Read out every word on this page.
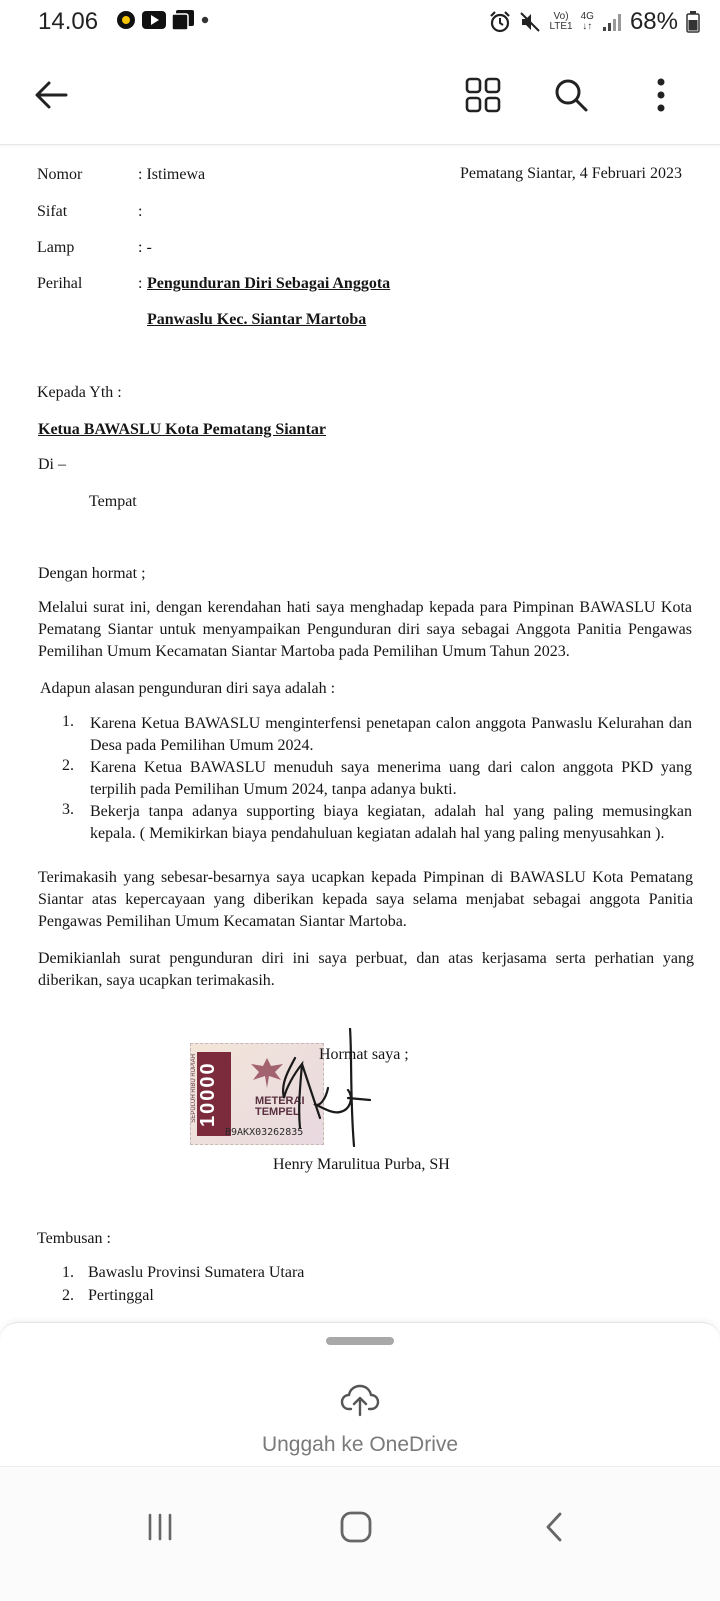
14.06	Vo)
LTE1
4G
↓↑ 68%
Nomor	: Istimewa	Pematang Siantar, 4 Februari 2023
Sifat	:
Lamp	: -
Perihal	: Pengunduran Diri Sebagai Anggota
Panwaslu Kec. Siantar Martoba
Kepada Yth :
Ketua BAWASLU Kota Pematang Siantar
Di –
Tempat
Dengan hormat ;
Melalui surat ini, dengan kerendahan hati saya menghadap kepada para Pimpinan BAWASLU Kota Pematang Siantar untuk menyampaikan Pengunduran diri saya sebagai Anggota Panitia Pengawas Pemilihan Umum Kecamatan Siantar Martoba pada Pemilihan Umum Tahun 2023.
Adapun alasan pengunduran diri saya adalah :
1. Karena Ketua BAWASLU menginterfensi penetapan calon anggota Panwaslu Kelurahan dan Desa pada Pemilihan Umum 2024.
2. Karena Ketua BAWASLU menuduh saya menerima uang dari calon anggota PKD yang terpilih pada Pemilihan Umum 2024, tanpa adanya bukti.
3. Bekerja tanpa adanya supporting biaya kegiatan, adalah hal yang paling memusingkan kepala. ( Memikirkan biaya pendahuluan kegiatan adalah hal yang paling menyusahkan ).
Terimakasih yang sebesar-besarnya saya ucapkan kepada Pimpinan di BAWASLU Kota Pematang Siantar atas kepercayaan yang diberikan kepada saya selama menjabat sebagai anggota Panitia Pengawas Pemilihan Umum Kecamatan Siantar Martoba.
Demikianlah surat pengunduran diri ini saya perbuat, dan atas kerjasama serta perhatian yang diberikan, saya ucapkan terimakasih.
SEPULUH RIBU RUPIAH 10000	METERAI TEMPEL
B9AKX03262835
Hormat saya ;
Henry Marulitua Purba, SH
Tembusan :
1. Bawaslu Provinsi Sumatera Utara
2. Pertinggal
Unggah ke OneDrive
